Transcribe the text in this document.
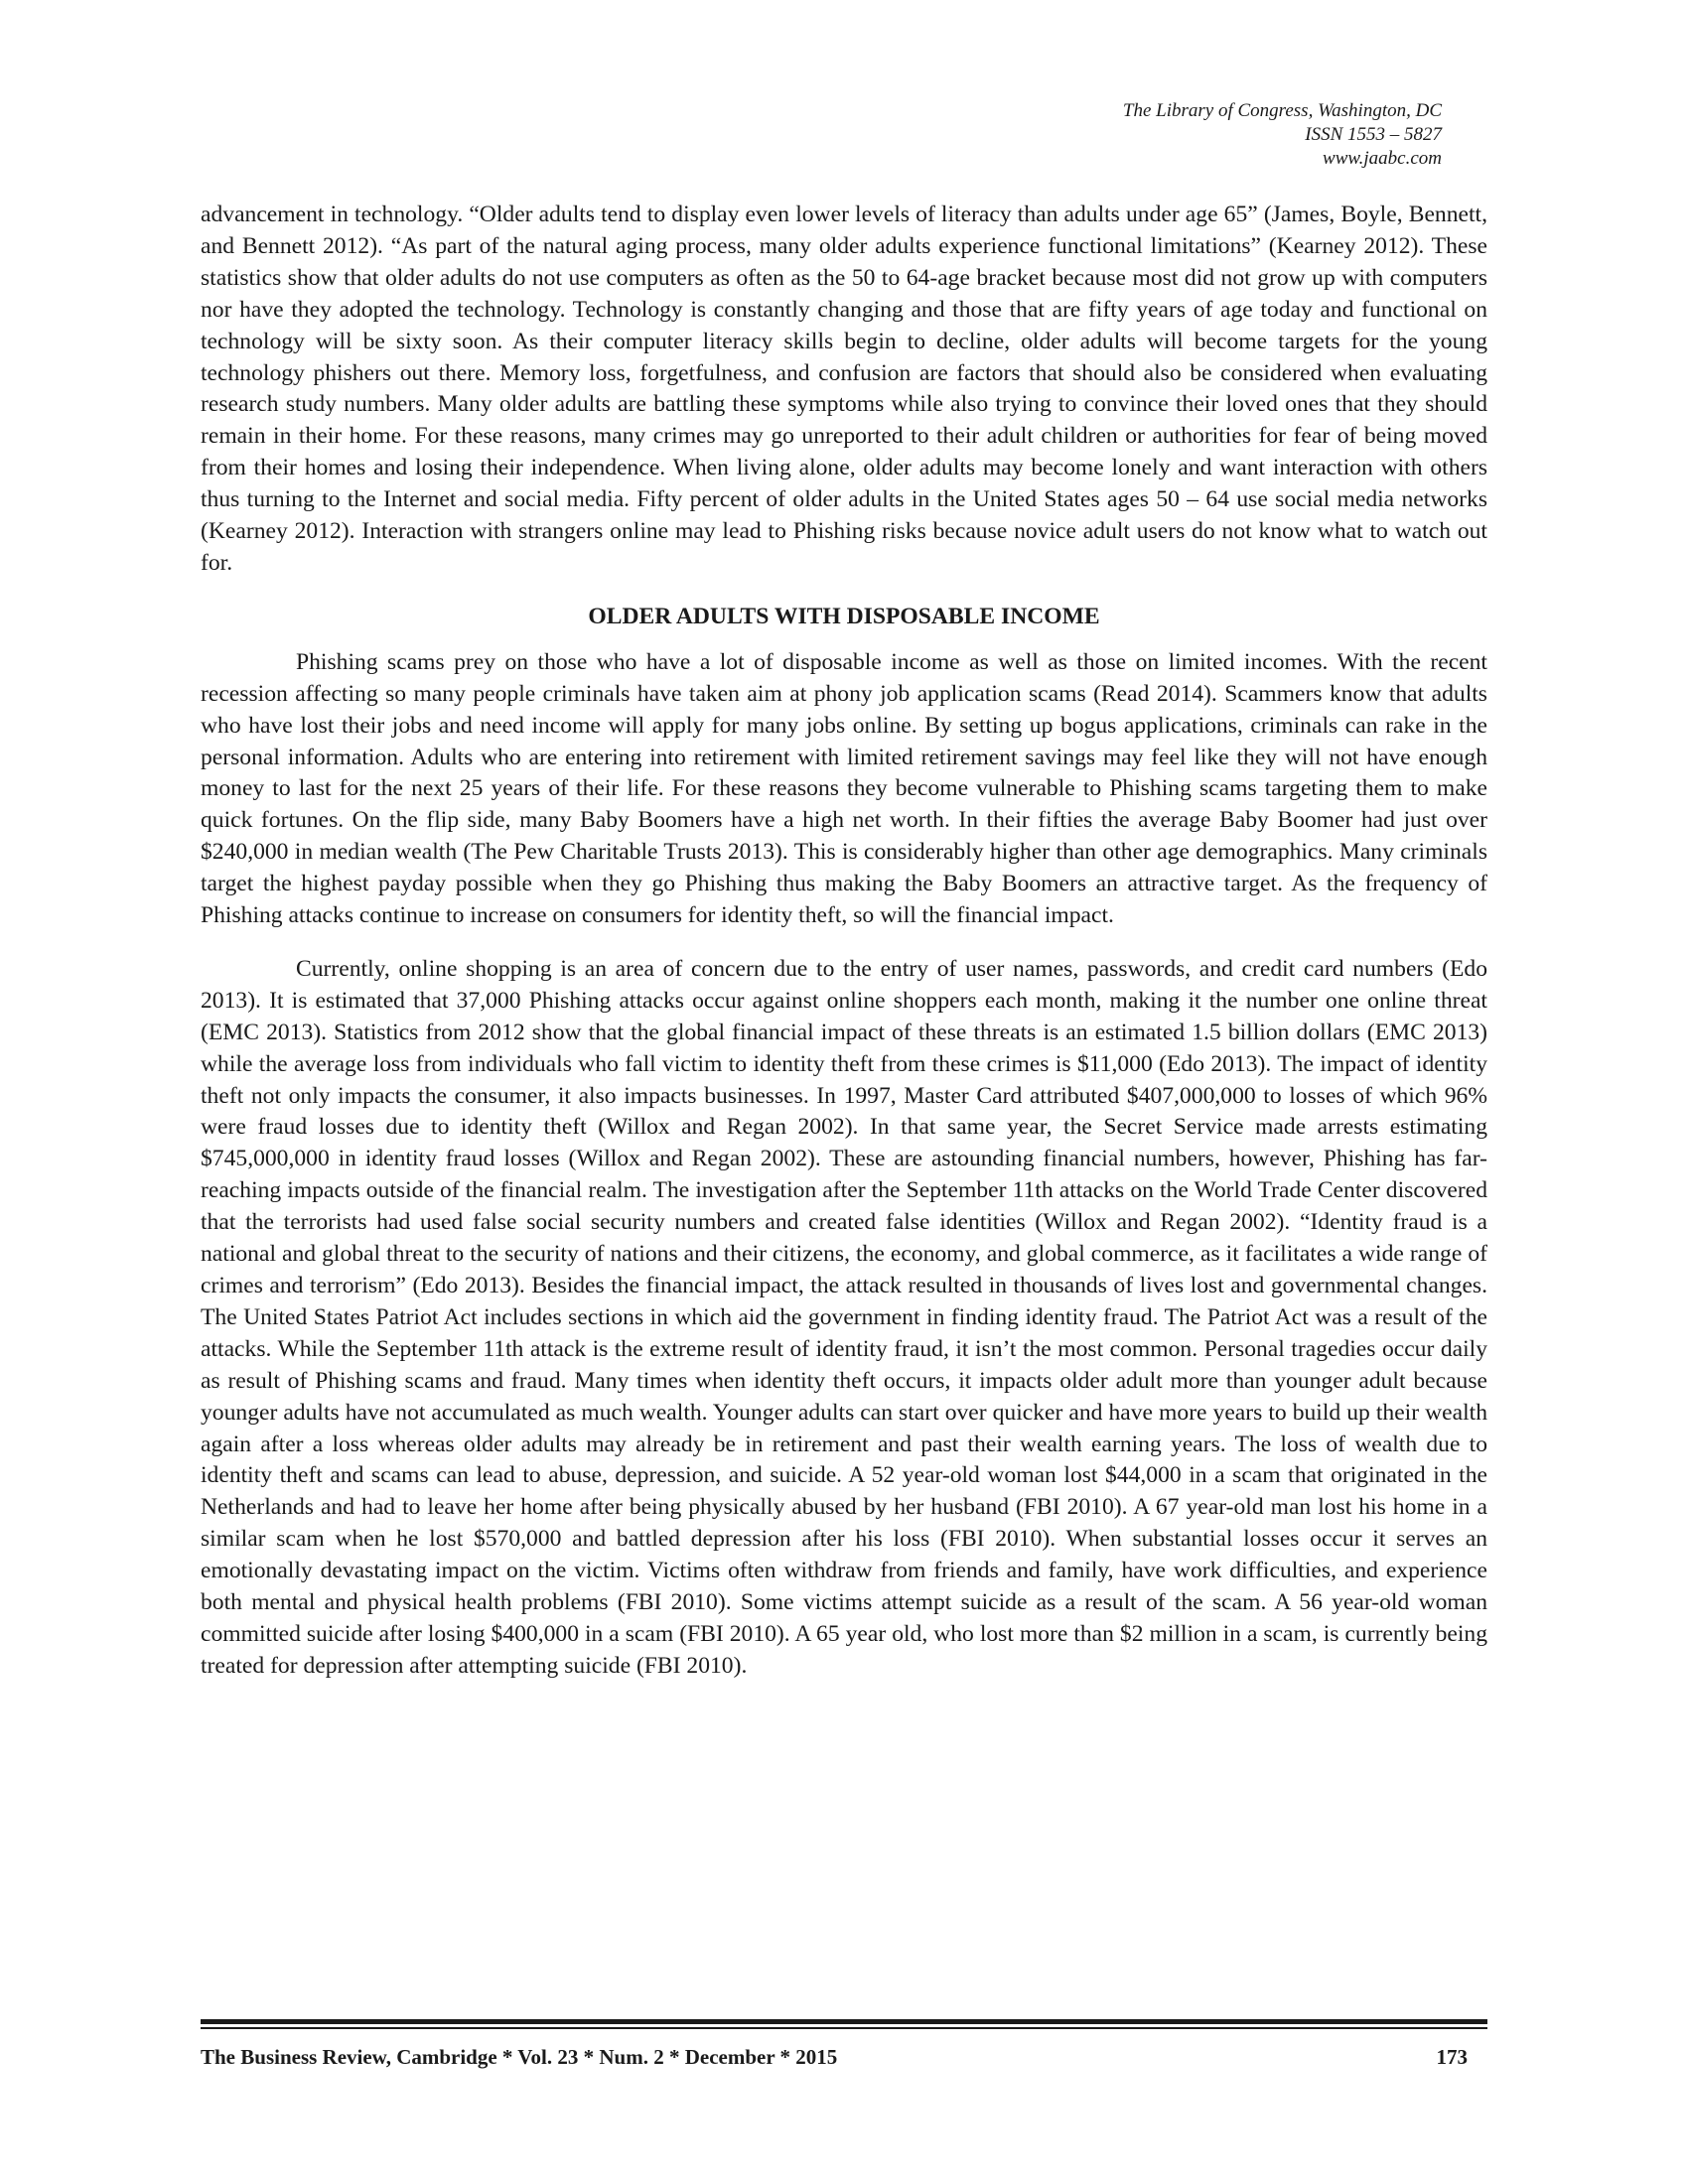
The Library of Congress, Washington, DC
ISSN 1553 – 5827
www.jaabc.com

advancement in technology. “Older adults tend to display even lower levels of literacy than adults under age 65” (James, Boyle, Bennett, and Bennett 2012). “As part of the natural aging process, many older adults experience functional limitations” (Kearney 2012). These statistics show that older adults do not use computers as often as the 50 to 64-age bracket because most did not grow up with computers nor have they adopted the technology. Technology is constantly changing and those that are fifty years of age today and functional on technology will be sixty soon. As their computer literacy skills begin to decline, older adults will become targets for the young technology phishers out there. Memory loss, forgetfulness, and confusion are factors that should also be considered when evaluating research study numbers. Many older adults are battling these symptoms while also trying to convince their loved ones that they should remain in their home. For these reasons, many crimes may go unreported to their adult children or authorities for fear of being moved from their homes and losing their independence. When living alone, older adults may become lonely and want interaction with others thus turning to the Internet and social media. Fifty percent of older adults in the United States ages 50 – 64 use social media networks (Kearney 2012). Interaction with strangers online may lead to Phishing risks because novice adult users do not know what to watch out for.

OLDER ADULTS WITH DISPOSABLE INCOME

Phishing scams prey on those who have a lot of disposable income as well as those on limited incomes. With the recent recession affecting so many people criminals have taken aim at phony job application scams (Read 2014). Scammers know that adults who have lost their jobs and need income will apply for many jobs online. By setting up bogus applications, criminals can rake in the personal information. Adults who are entering into retirement with limited retirement savings may feel like they will not have enough money to last for the next 25 years of their life. For these reasons they become vulnerable to Phishing scams targeting them to make quick fortunes. On the flip side, many Baby Boomers have a high net worth. In their fifties the average Baby Boomer had just over $240,000 in median wealth (The Pew Charitable Trusts 2013). This is considerably higher than other age demographics. Many criminals target the highest payday possible when they go Phishing thus making the Baby Boomers an attractive target. As the frequency of Phishing attacks continue to increase on consumers for identity theft, so will the financial impact.

Currently, online shopping is an area of concern due to the entry of user names, passwords, and credit card numbers (Edo 2013). It is estimated that 37,000 Phishing attacks occur against online shoppers each month, making it the number one online threat (EMC 2013). Statistics from 2012 show that the global financial impact of these threats is an estimated 1.5 billion dollars (EMC 2013) while the average loss from individuals who fall victim to identity theft from these crimes is $11,000 (Edo 2013). The impact of identity theft not only impacts the consumer, it also impacts businesses. In 1997, Master Card attributed $407,000,000 to losses of which 96% were fraud losses due to identity theft (Willox and Regan 2002). In that same year, the Secret Service made arrests estimating $745,000,000 in identity fraud losses (Willox and Regan 2002). These are astounding financial numbers, however, Phishing has far-reaching impacts outside of the financial realm. The investigation after the September 11th attacks on the World Trade Center discovered that the terrorists had used false social security numbers and created false identities (Willox and Regan 2002). “Identity fraud is a national and global threat to the security of nations and their citizens, the economy, and global commerce, as it facilitates a wide range of crimes and terrorism” (Edo 2013). Besides the financial impact, the attack resulted in thousands of lives lost and governmental changes. The United States Patriot Act includes sections in which aid the government in finding identity fraud. The Patriot Act was a result of the attacks. While the September 11th attack is the extreme result of identity fraud, it isn’t the most common. Personal tragedies occur daily as result of Phishing scams and fraud. Many times when identity theft occurs, it impacts older adult more than younger adult because younger adults have not accumulated as much wealth. Younger adults can start over quicker and have more years to build up their wealth again after a loss whereas older adults may already be in retirement and past their wealth earning years. The loss of wealth due to identity theft and scams can lead to abuse, depression, and suicide. A 52 year-old woman lost $44,000 in a scam that originated in the Netherlands and had to leave her home after being physically abused by her husband (FBI 2010). A 67 year-old man lost his home in a similar scam when he lost $570,000 and battled depression after his loss (FBI 2010). When substantial losses occur it serves an emotionally devastating impact on the victim. Victims often withdraw from friends and family, have work difficulties, and experience both mental and physical health problems (FBI 2010). Some victims attempt suicide as a result of the scam. A 56 year-old woman committed suicide after losing $400,000 in a scam (FBI 2010). A 65 year old, who lost more than $2 million in a scam, is currently being treated for depression after attempting suicide (FBI 2010).

The Business Review, Cambridge * Vol. 23 * Num. 2 * December * 2015	173
